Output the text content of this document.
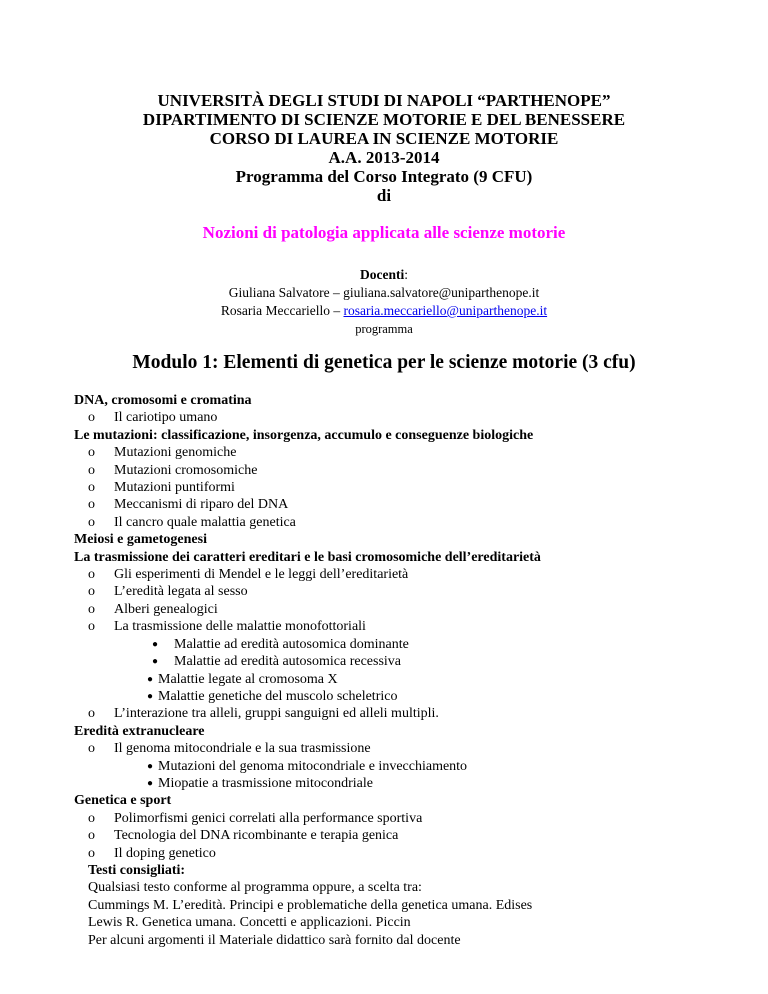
UNIVERSITÀ DEGLI STUDI DI NAPOLI “PARTHENOPE”
DIPARTIMENTO DI SCIENZE MOTORIE E DEL BENESSERE
CORSO DI LAUREA IN SCIENZE MOTORIE
A.A. 2013-2014
Programma del Corso Integrato (9 CFU)
di
Nozioni di patologia applicata alle scienze motorie
Docenti:
Giuliana Salvatore – giuliana.salvatore@uniparthenope.it
Rosaria Meccariello – rosaria.meccariello@uniparthenope.it
programma
Modulo 1: Elementi di genetica per le scienze motorie (3 cfu)
DNA, cromosomi e cromatina
o Il cariotipo umano
Le mutazioni: classificazione, insorgenza, accumulo e conseguenze biologiche
o Mutazioni genomiche
o Mutazioni cromosomiche
o Mutazioni puntiformi
o Meccanismi di riparo del DNA
o Il cancro quale malattia genetica
Meiosi e gametogenesi
La trasmissione dei caratteri ereditari e le basi cromosomiche dell’ereditarietà
o Gli esperimenti di Mendel e le leggi dell’ereditarietà
o L’eredità legata al sesso
o Alberi genealogici
o La trasmissione delle malattie monofottoriali
● Malattie ad eredità autosomica dominante
● Malattie ad eredità autosomica recessiva
● Malattie legate al cromosoma X
● Malattie genetiche del muscolo scheletrico
o L’interazione tra alleli, gruppi sanguigni ed alleli multipli.
Eredità extranucleare
o Il genoma mitocondriale e la sua trasmissione
● Mutazioni del genoma mitocondriale e invecchiamento
● Miopatie a trasmissione mitocondriale
Genetica e sport
o Polimorfismi genici correlati alla performance sportiva
o Tecnologia del DNA ricombinante e terapia genica
o Il doping genetico
Testi consigliati:
Qualsiasi testo conforme al programma oppure, a scelta tra:
Cummings M. L’eredità. Principi e problematiche della genetica umana. Edises
Lewis R. Genetica umana. Concetti e applicazioni. Piccin
Per alcuni argomenti il Materiale didattico sarà fornito dal docente
